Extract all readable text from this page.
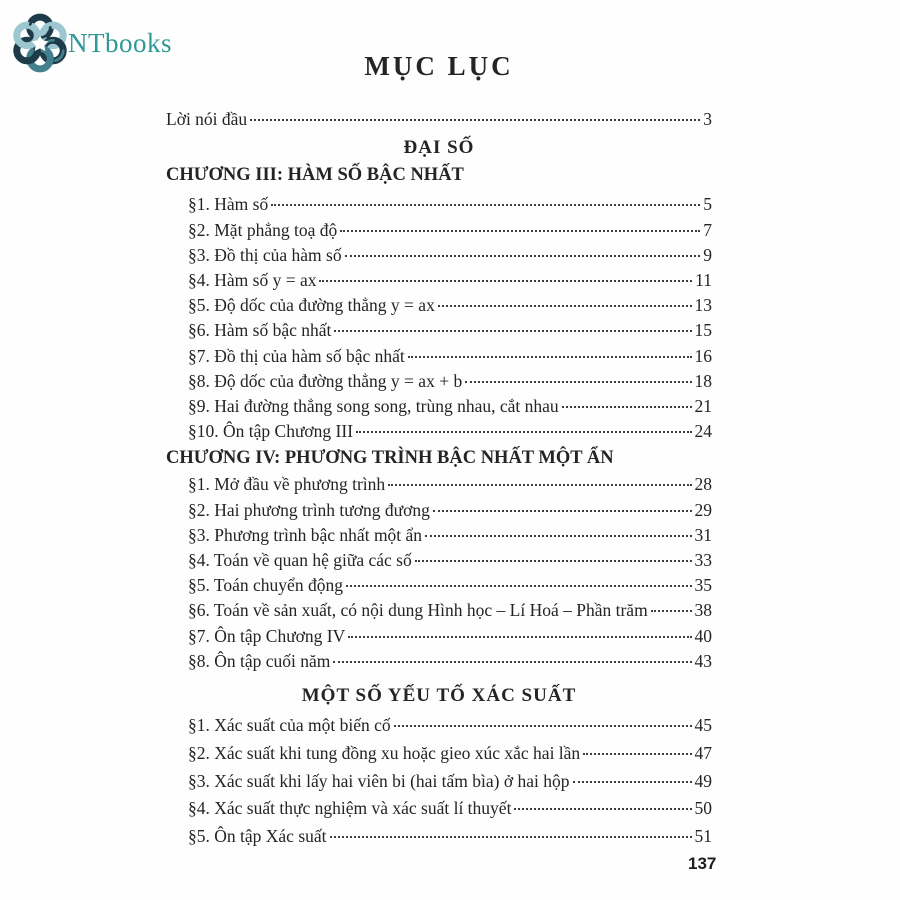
NTbooks
MỤC LỤC
Lời nói đầu	3
ĐẠI SỐ
CHƯƠNG III: HÀM SỐ BẬC NHẤT
§1. Hàm số	5
§2. Mặt phẳng toạ độ	7
§3. Đồ thị của hàm số	9
§4. Hàm số y = ax	11
§5. Độ dốc của đường thẳng y = ax	13
§6. Hàm số bậc nhất	15
§7. Đồ thị của hàm số bậc nhất	16
§8. Độ dốc của đường thẳng y = ax + b	18
§9. Hai đường thẳng song song, trùng nhau, cắt nhau	21
§10. Ôn tập Chương III	24
CHƯƠNG IV: PHƯƠNG TRÌNH BẬC NHẤT MỘT ẨN
§1. Mở đầu về phương trình	28
§2. Hai phương trình tương đương	29
§3. Phương trình bậc nhất một ẩn	31
§4. Toán về quan hệ giữa các số	33
§5. Toán chuyển động	35
§6. Toán về sản xuất, có nội dung Hình học – Lí Hoá – Phần trăm	38
§7. Ôn tập Chương IV	40
§8. Ôn tập cuối năm	43
MỘT SỐ YẾU TỐ XÁC SUẤT
§1. Xác suất của một biến cố	45
§2. Xác suất khi tung đồng xu hoặc gieo xúc xắc hai lần	47
§3. Xác suất khi lấy hai viên bi (hai tấm bìa) ở hai hộp	49
§4. Xác suất thực nghiệm và xác suất lí thuyết	50
§5. Ôn tập Xác suất	51
137
